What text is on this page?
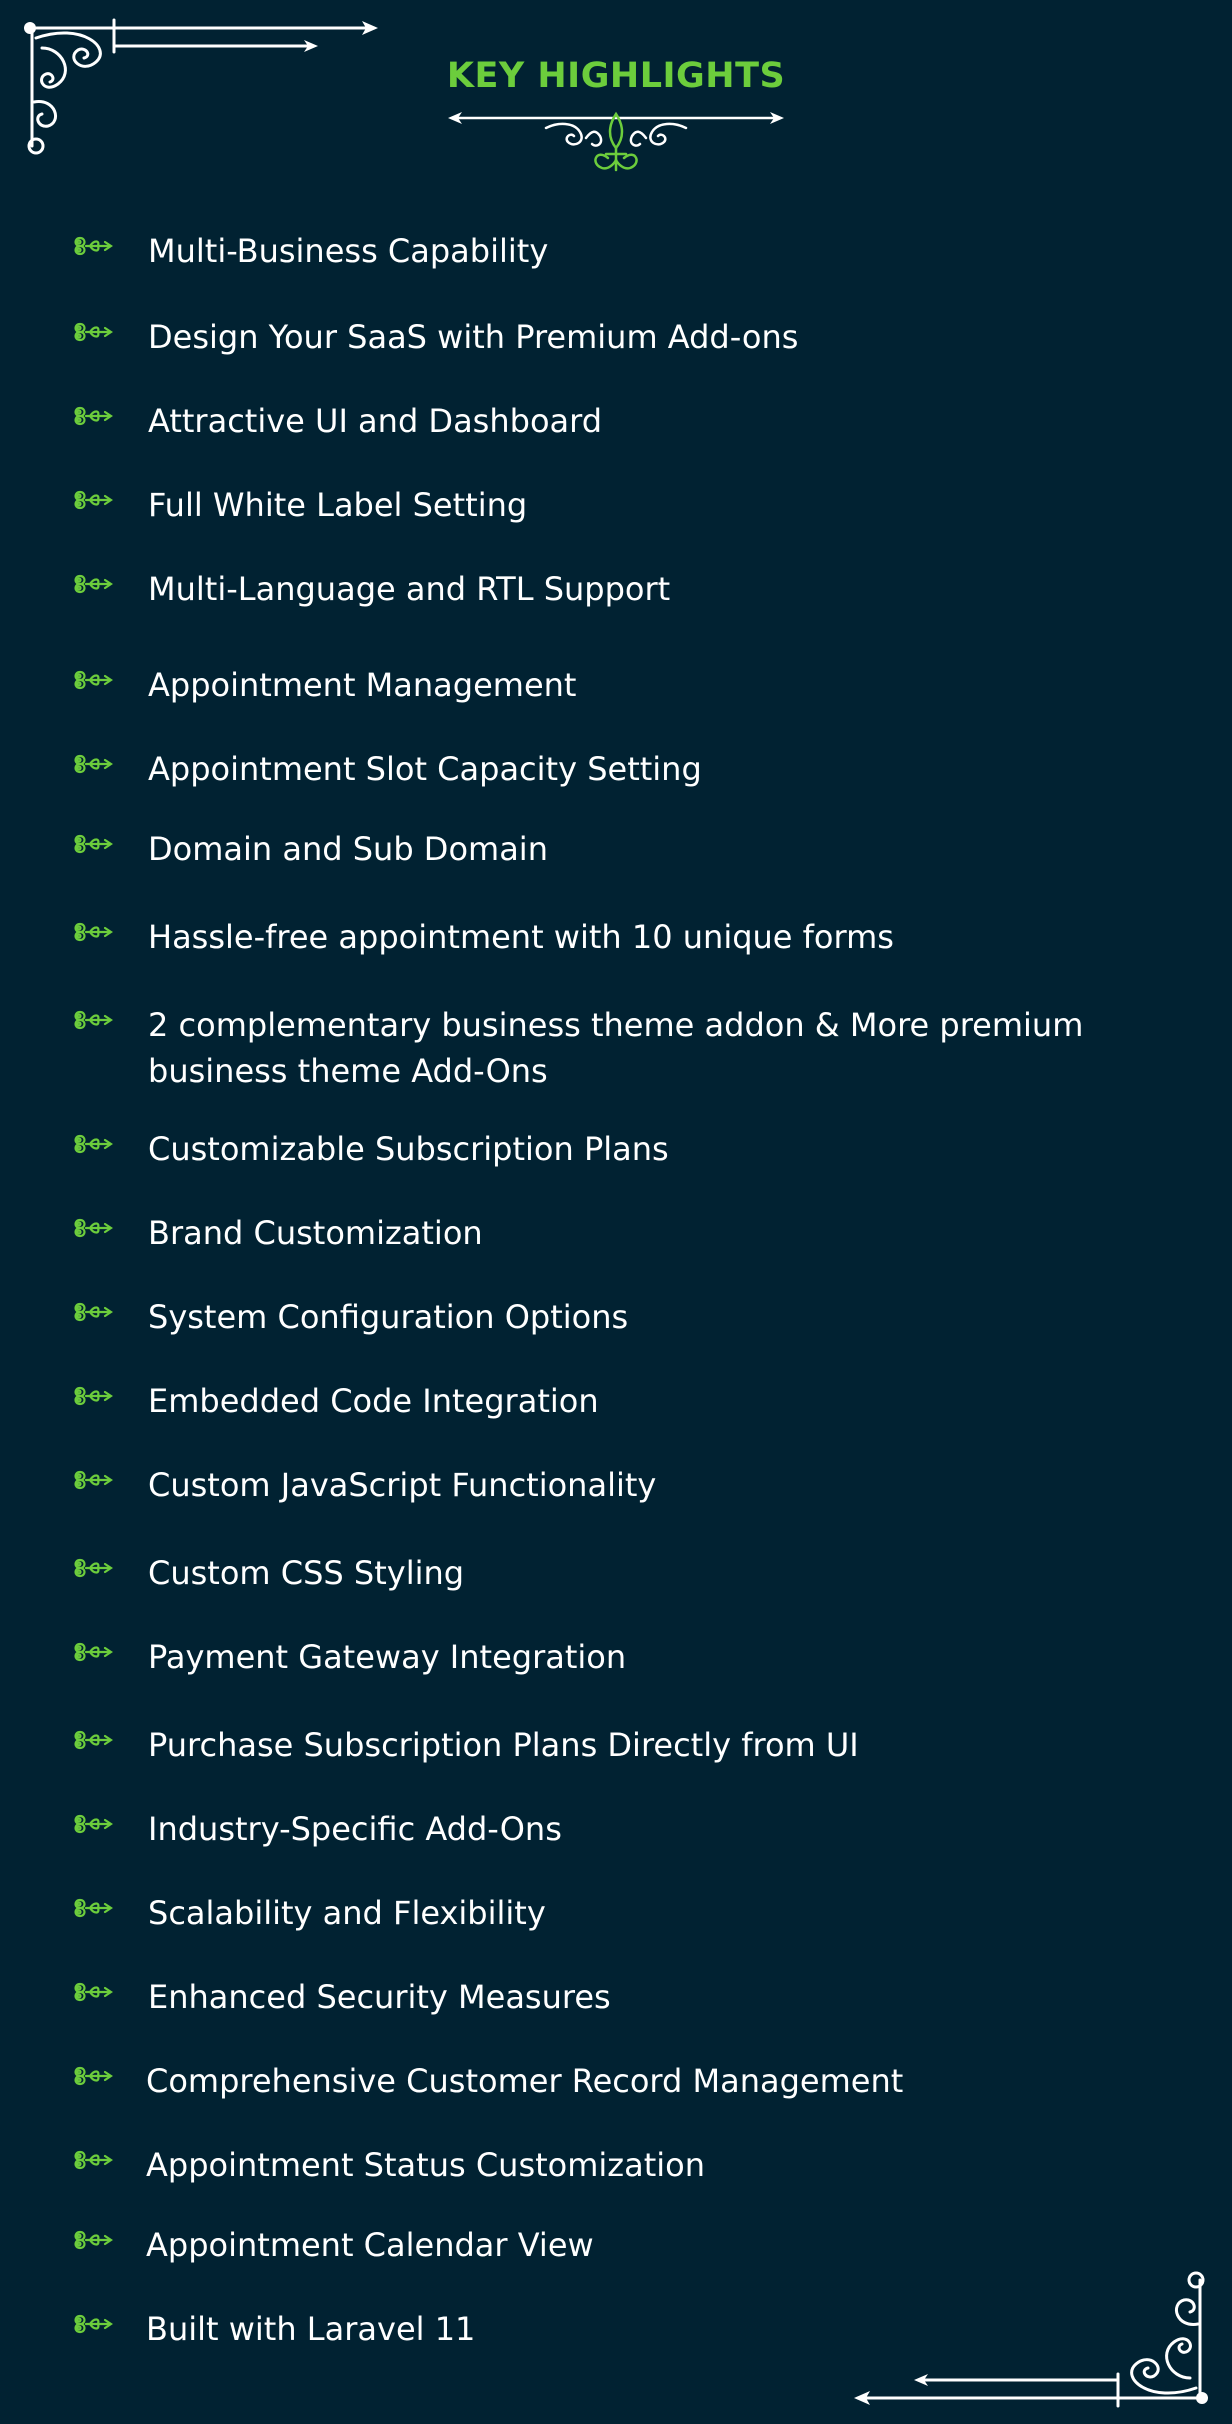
KEY HIGHLIGHTS
Multi-Business Capability
Design Your SaaS with Premium Add-ons
Attractive UI and Dashboard
Full White Label Setting
Multi-Language and RTL Support
Appointment Management
Appointment Slot Capacity Setting
Domain and Sub Domain
Hassle-free appointment with 10 unique forms
2 complementary business theme addon & More premium business theme Add-Ons
Customizable Subscription Plans
Brand Customization
System Configuration Options
Embedded Code Integration
Custom JavaScript Functionality
Custom CSS Styling
Payment Gateway Integration
Purchase Subscription Plans Directly from UI
Industry-Specific Add-Ons
Scalability and Flexibility
Enhanced Security Measures
Comprehensive Customer Record Management
Appointment Status Customization
Appointment Calendar View
Built with Laravel 11
